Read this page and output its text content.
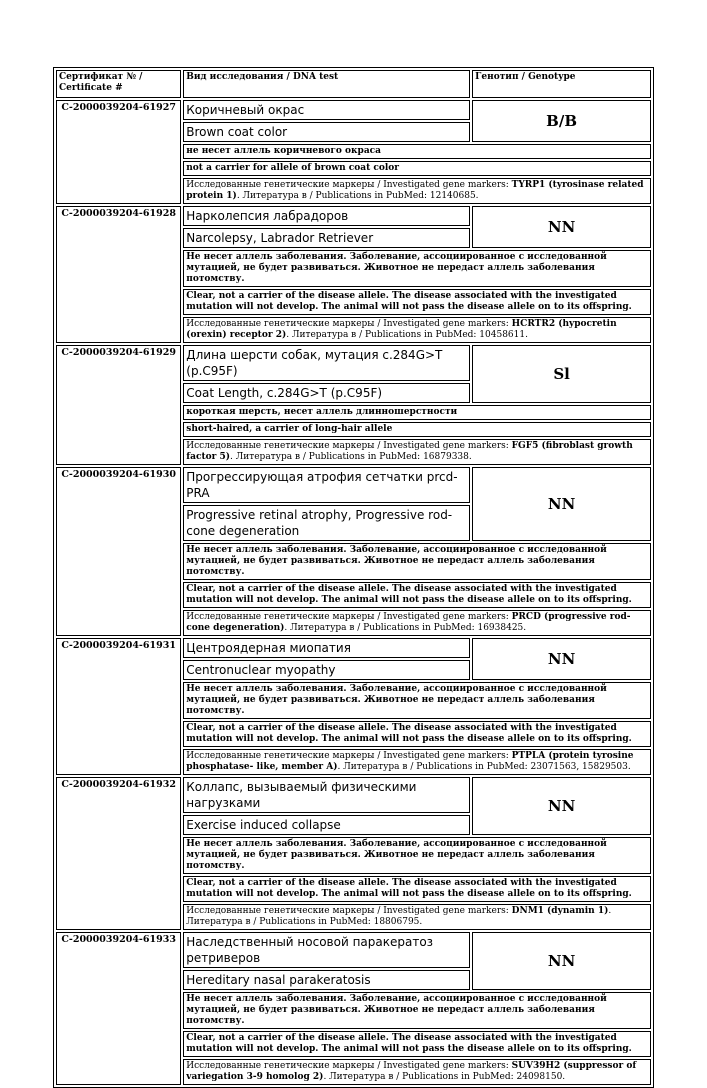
Сертификат № / Certificate #	Вид исследования / DNA test	Генотип / Genotype
C-2000039204-61927	Коричневый окрас	B/B
	Brown coat color	
	не несет аллель коричневого окраса	
	not a carrier for allele of brown coat color	
	Исследованные генетические маркеры / Investigated gene markers: TYRP1 (tyrosinase related protein 1). Литература в / Publications in PubMed: 12140685.	
C-2000039204-61928	Нарколепсия лабрадоров	NN
	Narcolepsy, Labrador Retriever	
	Не несет аллель заболевания. Заболевание, ассоциированное с исследованной мутацией, не будет развиваться. Животное не передаст аллель заболевания потомству.	
	Clear, not a carrier of the disease allele. The disease associated with the investigated mutation will not develop. The animal will not pass the disease allele on to its offspring.	
	Исследованные генетические маркеры / Investigated gene markers: HCRTR2 (hypocretin (orexin) receptor 2). Литература в / Publications in PubMed: 10458611.	
C-2000039204-61929	Длина шерсти собак, мутация c.284G>T (p.C95F)	Sl
	Coat Length, c.284G>T (p.C95F)	
	короткая шерсть, несет аллель длинношерстности	
	short-haired, a carrier of long-hair allele	
	Исследованные генетические маркеры / Investigated gene markers: FGF5 (fibroblast growth factor 5). Литература в / Publications in PubMed: 16879338.	
C-2000039204-61930	Прогрессирующая атрофия сетчатки prcd-PRA	NN
	Progressive retinal atrophy, Progressive rod-cone degeneration	
	Не несет аллель заболевания. Заболевание, ассоциированное с исследованной мутацией, не будет развиваться. Животное не передаст аллель заболевания потомству.	
	Clear, not a carrier of the disease allele. The disease associated with the investigated mutation will not develop. The animal will not pass the disease allele on to its offspring.	
	Исследованные генетические маркеры / Investigated gene markers: PRCD (progressive rod-cone degeneration). Литература в / Publications in PubMed: 16938425.	
C-2000039204-61931	Центроядерная миопатия	NN
	Centronuclear myopathy	
	Не несет аллель заболевания. Заболевание, ассоциированное с исследованной мутацией, не будет развиваться. Животное не передаст аллель заболевания потомству.	
	Clear, not a carrier of the disease allele. The disease associated with the investigated mutation will not develop. The animal will not pass the disease allele on to its offspring.	
	Исследованные генетические маркеры / Investigated gene markers: PTPLA (protein tyrosine phosphatase- like, member A). Литература в / Publications in PubMed: 23071563, 15829503.	
C-2000039204-61932	Коллапс, вызываемый физическими нагрузками	NN
	Exercise induced collapse	
	Не несет аллель заболевания. Заболевание, ассоциированное с исследованной мутацией, не будет развиваться. Животное не передаст аллель заболевания потомству.	
	Clear, not a carrier of the disease allele. The disease associated with the investigated mutation will not develop. The animal will not pass the disease allele on to its offspring.	
	Исследованные генетические маркеры / Investigated gene markers: DNM1 (dynamin 1). Литература в / Publications in PubMed: 18806795.	
C-2000039204-61933	Наследственный носовой паракератоз ретриверов	NN
	Hereditary nasal parakeratosis	
	Не несет аллель заболевания. Заболевание, ассоциированное с исследованной мутацией, не будет развиваться. Животное не передаст аллель заболевания потомству.	
	Clear, not a carrier of the disease allele. The disease associated with the investigated mutation will not develop. The animal will not pass the disease allele on to its offspring.	
	Исследованные генетические маркеры / Investigated gene markers: SUV39H2 (suppressor of variegation 3-9 homolog 2). Литература в / Publications in PubMed: 24098150.	
